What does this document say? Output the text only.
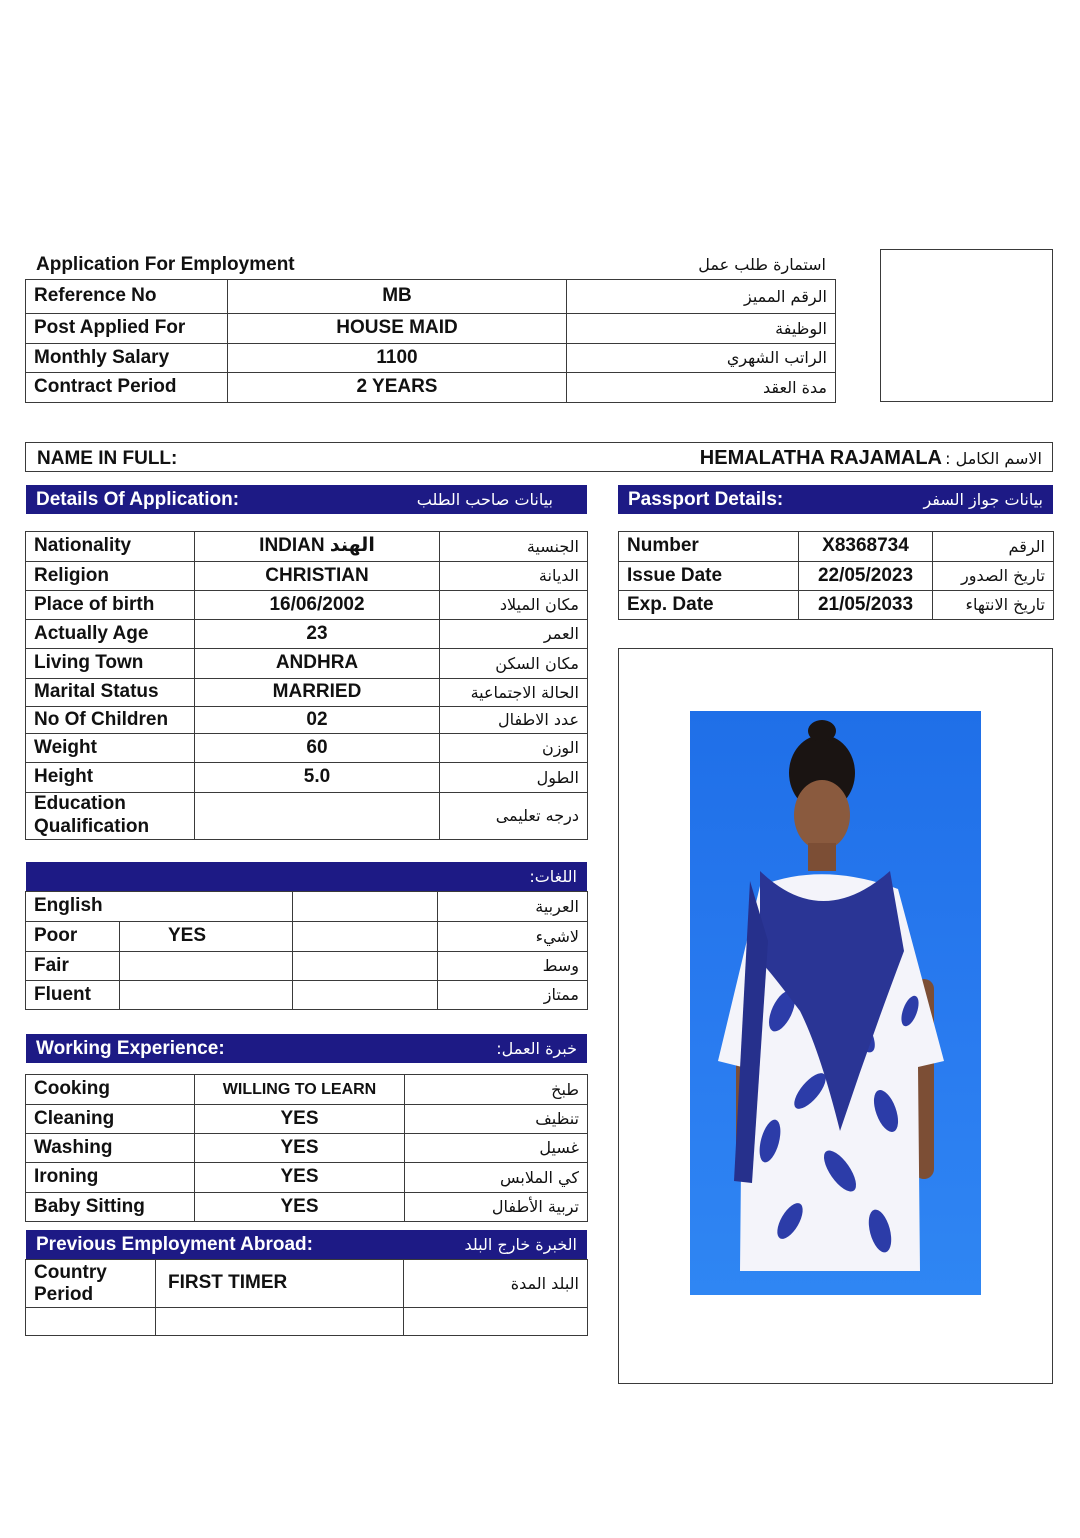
Application For Employment	استمارة طلب عمل
Reference No	MB	الرقم المميز
Post Applied For	HOUSE MAID	الوظيفة
Monthly Salary	1100	الراتب الشهري
Contract Period	2 YEARS	مدة العقد
NAME IN FULL:	HEMALATHA RAJAMALA الاسم الكامل :
Details Of Application:	بيانات صاحب الطلب	Passport Details:	بيانات جواز السفر
Nationality	INDIAN الهند	الجنسية
Religion	CHRISTIAN	الديانة
Place of birth	16/06/2002	مكان الميلاد
Actually Age	23	العمر
Living Town	ANDHRA	مكان السكن
Marital Status	MARRIED	الحالة الاجتماعية
No Of Children	02	عدد الاطفال
Weight	60	الوزن
Height	5.0	الطول
Education
Qualification		درجه تعليمى
Number	X8368734	الرقم
Issue Date	22/05/2023	تاريخ الصدور
Exp. Date	21/05/2033	تاريخ الانتهاء
اللغات:
English			العربية
Poor	YES		لاشيء
Fair			وسط
Fluent			ممتاز
Working Experience:	خبرة العمل:
Cooking	WILLING TO LEARN	طبخ
Cleaning	YES	تنظيف
Washing	YES	غسيل
Ironing	YES	كي الملابس
Baby Sitting	YES	تربية الأطفال
Previous Employment Abroad:	الخبرة خارج البلد
Country
Period	FIRST TIMER	البلد المدة
